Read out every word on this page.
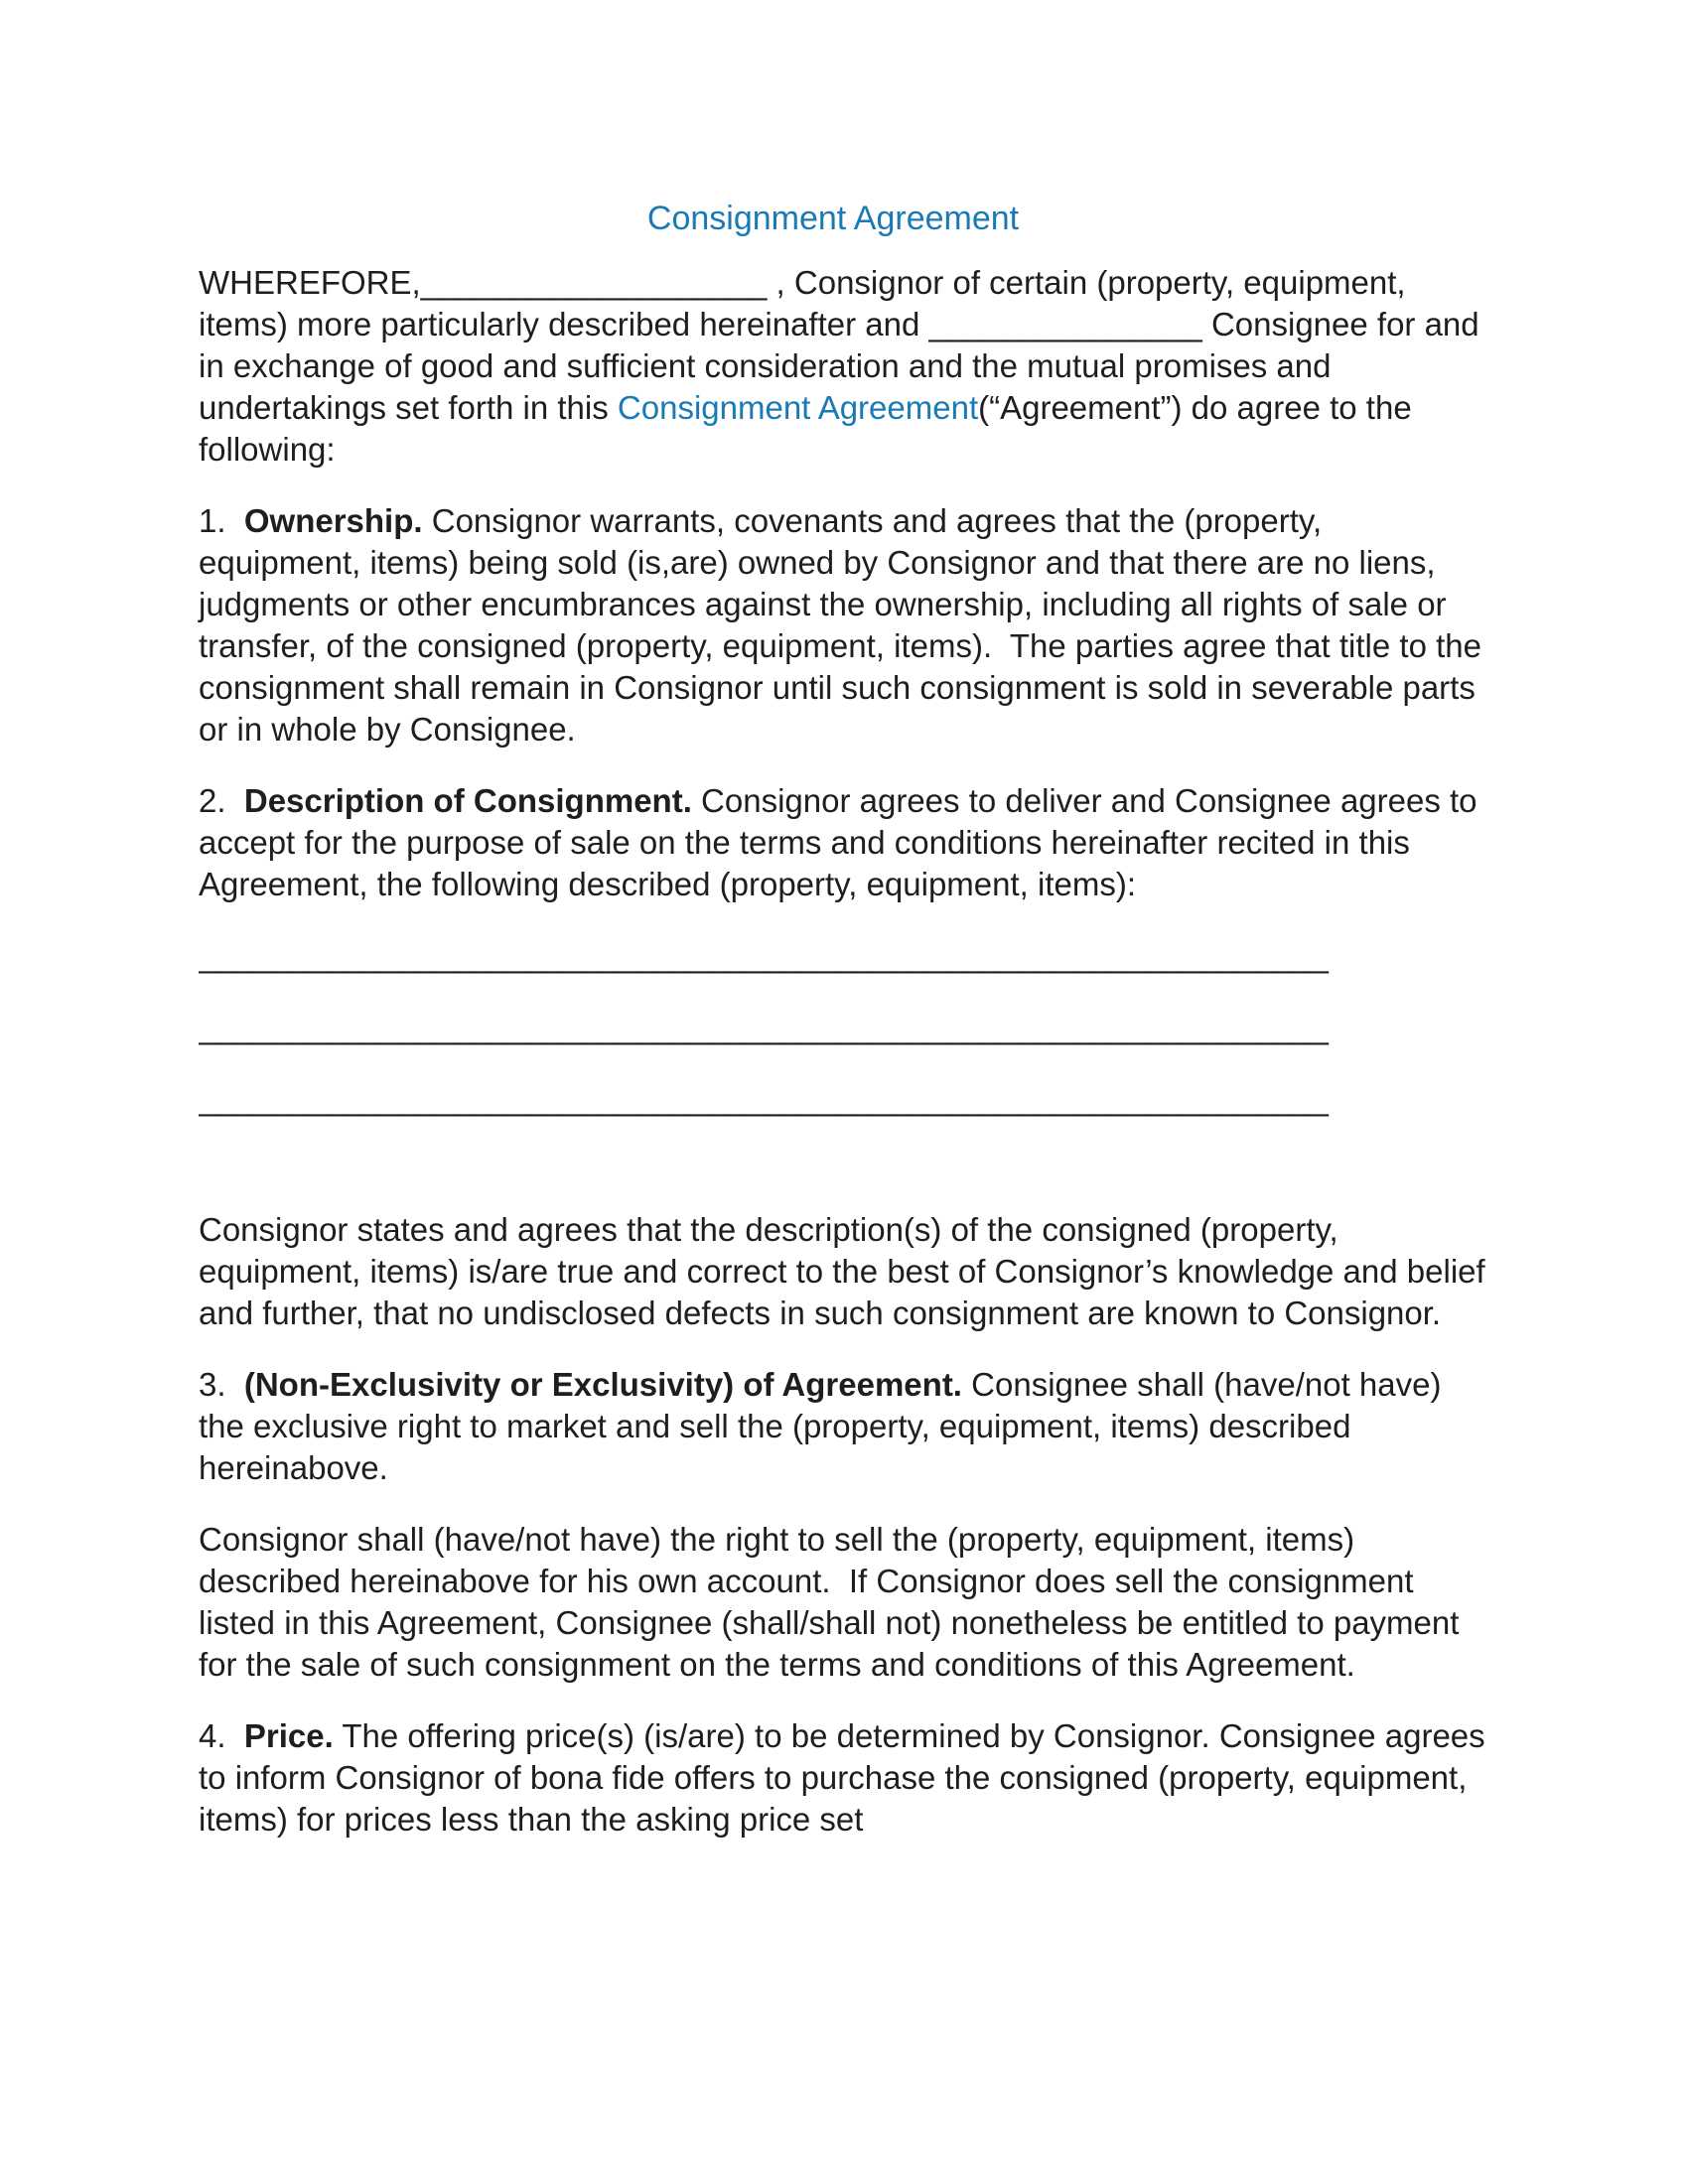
Consignment Agreement

WHEREFORE,___________________ , Consignor of certain (property, equipment, items) more particularly described hereinafter and _______________ Consignee for and in exchange of good and sufficient consideration and the mutual promises and undertakings set forth in this Consignment Agreement(“Agreement”) do agree to the following:

1.  Ownership. Consignor warrants, covenants and agrees that the (property, equipment, items) being sold (is,are) owned by Consignor and that there are no liens, judgments or other encumbrances against the ownership, including all rights of sale or transfer, of the consigned (property, equipment, items).  The parties agree that title to the consignment shall remain in Consignor until such consignment is sold in severable parts or in whole by Consignee.

2.  Description of Consignment. Consignor agrees to deliver and Consignee agrees to accept for the purpose of sale on the terms and conditions hereinafter recited in this Agreement, the following described (property, equipment, items):

______________________________________________________________
______________________________________________________________
______________________________________________________________

Consignor states and agrees that the description(s) of the consigned (property, equipment, items) is/are true and correct to the best of Consignor’s knowledge and belief and further, that no undisclosed defects in such consignment are known to Consignor.

3.  (Non-Exclusivity or Exclusivity) of Agreement. Consignee shall (have/not have) the exclusive right to market and sell the (property, equipment, items) described hereinabove.

Consignor shall (have/not have) the right to sell the (property, equipment, items) described hereinabove for his own account.  If Consignor does sell the consignment listed in this Agreement, Consignee (shall/shall not) nonetheless be entitled to payment for the sale of such consignment on the terms and conditions of this Agreement.

4.  Price. The offering price(s) (is/are) to be determined by Consignor. Consignee agrees to inform Consignor of bona fide offers to purchase the consigned (property, equipment, items) for prices less than the asking price set
